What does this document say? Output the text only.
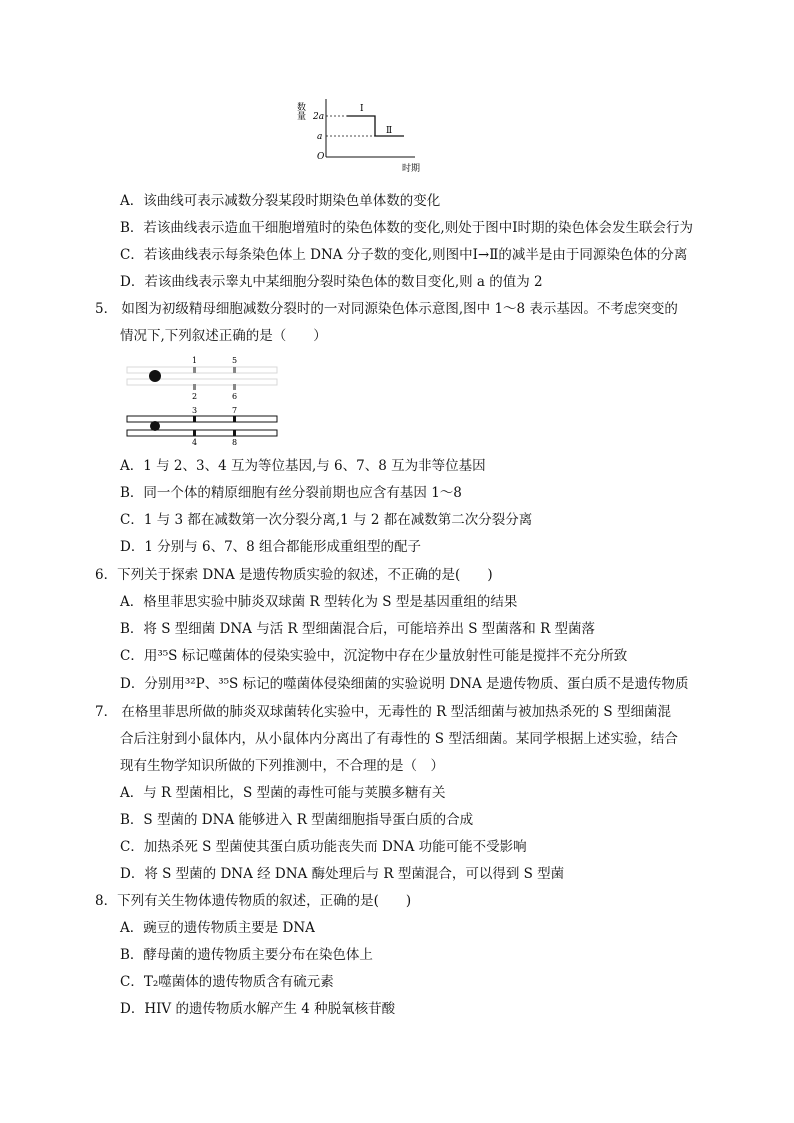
数量 2a
a
O
时期
Ⅰ
Ⅱ
A．该曲线可表示减数分裂某段时期染色单体数的变化
B．若该曲线表示造血干细胞增殖时的染色体数的变化,则处于图中Ⅰ时期的染色体会发生联会行为
C．若该曲线表示每条染色体上 DNA 分子数的变化,则图中Ⅰ→Ⅱ的减半是由于同源染色体的分离
D．若该曲线表示睾丸中某细胞分裂时染色体的数目变化,则 a 的值为 2
5． 如图为初级精母细胞减数分裂时的一对同源染色体示意图,图中 1～8 表示基因。不考虑突变的
情况下,下列叙述正确的是（　　）
1
2
3
4
5
6
7
8
A．1 与 2、3、4 互为等位基因,与 6、7、8 互为非等位基因
B．同一个体的精原细胞有丝分裂前期也应含有基因 1～8
C．1 与 3 都在减数第一次分裂分离,1 与 2 都在减数第二次分裂分离
D．1 分别与 6、7、8 组合都能形成重组型的配子
6．下列关于探索 DNA 是遗传物质实验的叙述，不正确的是(　　)
A．格里菲思实验中肺炎双球菌 R 型转化为 S 型是基因重组的结果
B．将 S 型细菌 DNA 与活 R 型细菌混合后，可能培养出 S 型菌落和 R 型菌落
C．用³⁵S 标记噬菌体的侵染实验中，沉淀物中存在少量放射性可能是搅拌不充分所致
D．分别用³²P、³⁵S 标记的噬菌体侵染细菌的实验说明 DNA 是遗传物质、蛋白质不是遗传物质
7． 在格里菲思所做的肺炎双球菌转化实验中，无毒性的 R 型活细菌与被加热杀死的 S 型细菌混
合后注射到小鼠体内，从小鼠体内分离出了有毒性的 S 型活细菌。某同学根据上述实验，结合
现有生物学知识所做的下列推测中，不合理的是（　）
A．与 R 型菌相比，S 型菌的毒性可能与荚膜多糖有关
B．S 型菌的 DNA 能够进入 R 型菌细胞指导蛋白质的合成
C．加热杀死 S 型菌使其蛋白质功能丧失而 DNA 功能可能不受影响
D．将 S 型菌的 DNA 经 DNA 酶处理后与 R 型菌混合，可以得到 S 型菌
8．下列有关生物体遗传物质的叙述，正确的是(　　)
A．豌豆的遗传物质主要是 DNA
B．酵母菌的遗传物质主要分布在染色体上
C．T₂噬菌体的遗传物质含有硫元素
D．HIV 的遗传物质水解产生 4 种脱氧核苷酸
